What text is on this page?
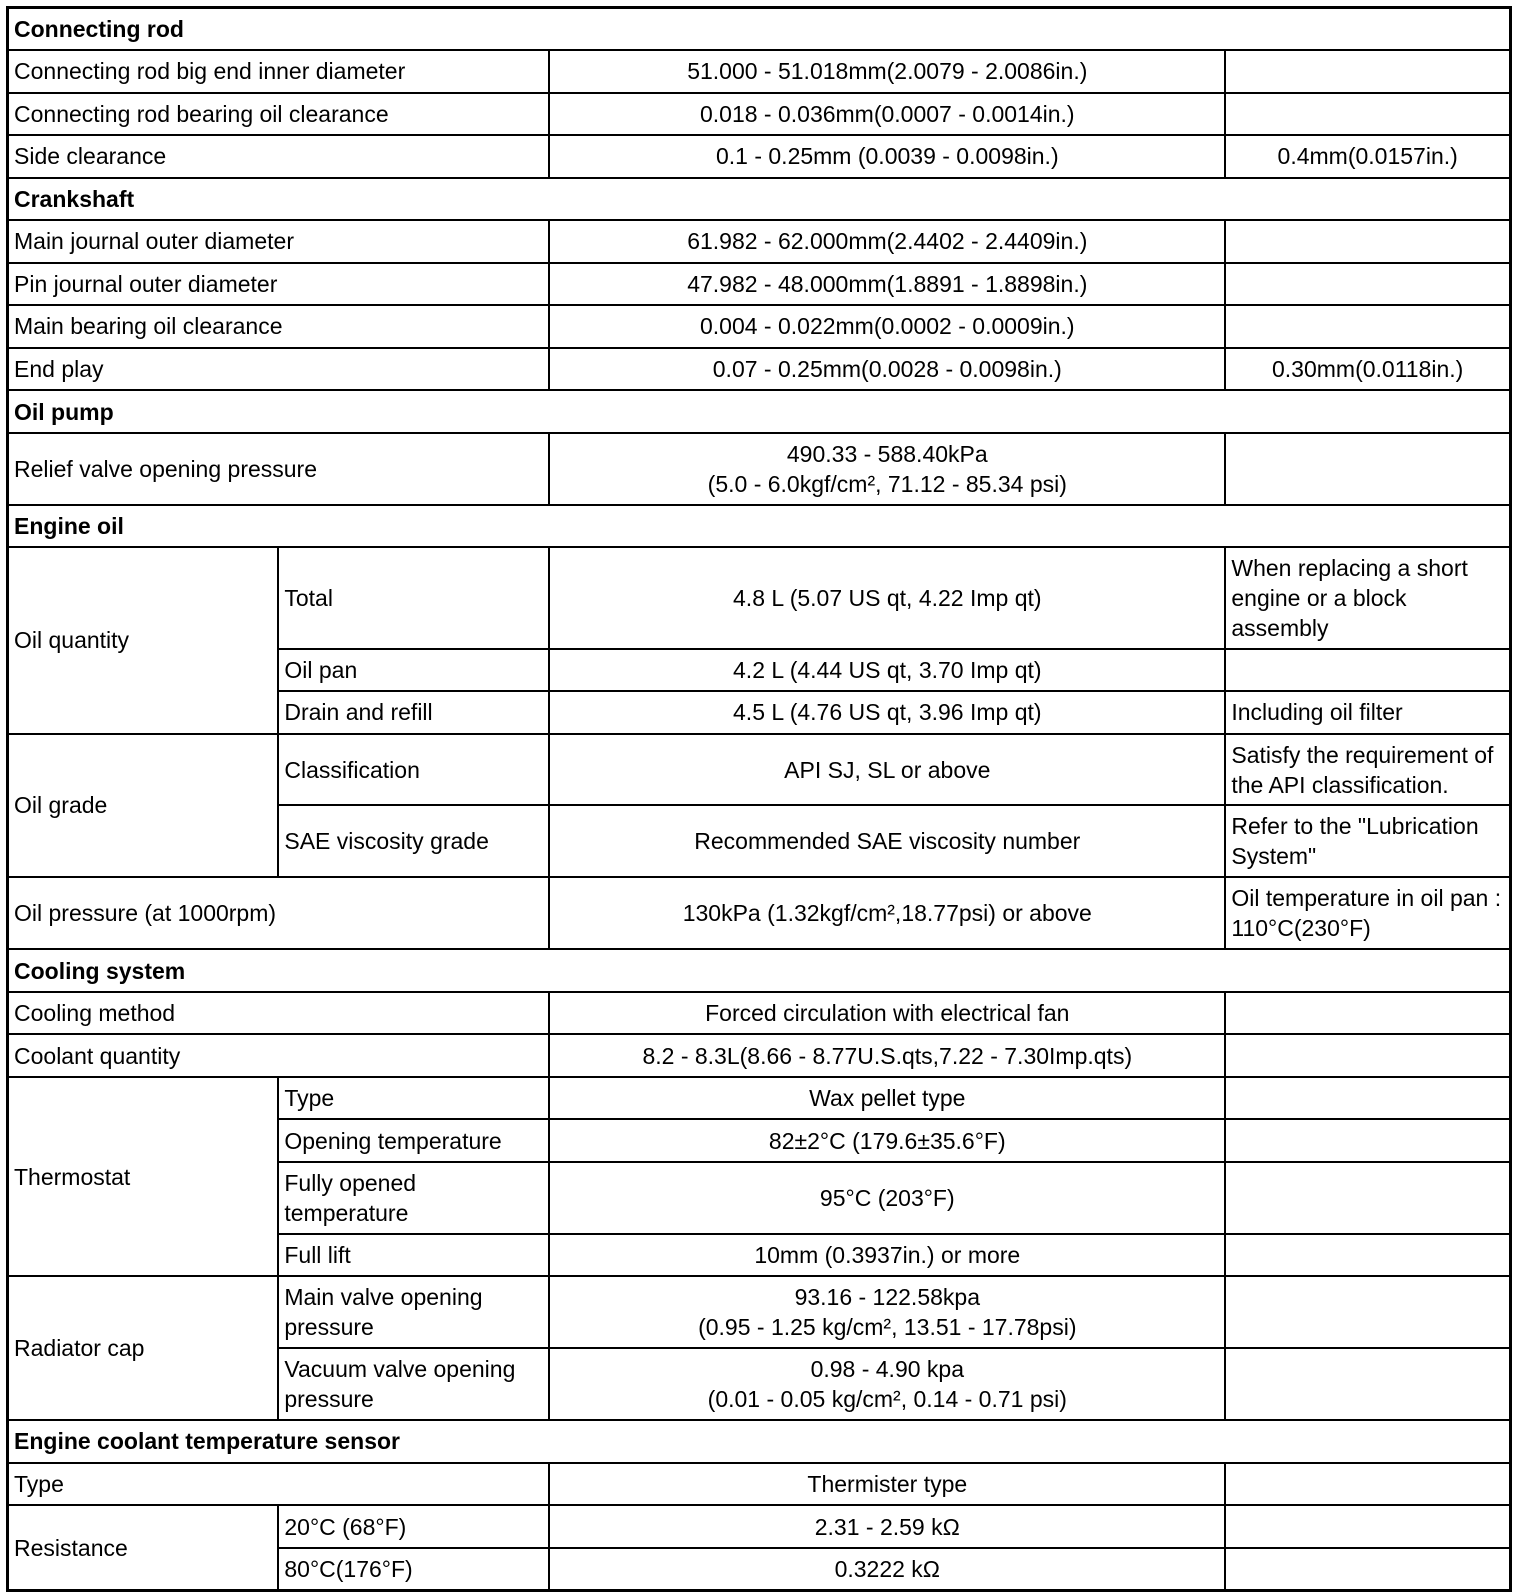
Connecting rod			
Connecting rod big end inner diameter		51.000 - 51.018mm(2.0079 - 2.0086in.)	
Connecting rod bearing oil clearance		0.018 - 0.036mm(0.0007 - 0.0014in.)	
Side clearance		0.1 - 0.25mm (0.0039 - 0.0098in.)	0.4mm(0.0157in.)
Crankshaft			
Main journal outer diameter		61.982 - 62.000mm(2.4402 - 2.4409in.)	
Pin journal outer diameter		47.982 - 48.000mm(1.8891 - 1.8898in.)	
Main bearing oil clearance		0.004 - 0.022mm(0.0002 - 0.0009in.)	
End play		0.07 - 0.25mm(0.0028 - 0.0098in.)	0.30mm(0.0118in.)
Oil pump			
Relief valve opening pressure		490.33 - 588.40kPa
(5.0 - 6.0kgf/cm², 71.12 - 85.34 psi)	

Engine oil			
Oil quantity	Total	4.8 L (5.07 US qt, 4.22 Imp qt)	When replacing a short engine or a block assembly
	Oil pan	4.2 L (4.44 US qt, 3.70 Imp qt)	
	Drain and refill	4.5 L (4.76 US qt, 3.96 Imp qt)	Including oil filter
Oil grade	Classification	API SJ, SL or above	Satisfy the requirement of the API classification.
	SAE viscosity grade	Recommended SAE viscosity number	Refer to the "Lubrication System"
Oil pressure (at 1000rpm)		130kPa (1.32kgf/cm²,18.77psi) or above	Oil temperature in oil pan : 110°C(230°F)
Cooling system			
Cooling method		Forced circulation with electrical fan	
Coolant quantity		8.2 - 8.3L(8.66 - 8.77U.S.qts,7.22 - 7.30Imp.qts)	
Thermostat	Type	Wax pellet type	
	Opening temperature	82±2°C (179.6±35.6°F)	
	Fully opened temperature	95°C (203°F)	
	Full lift	10mm (0.3937in.) or more	
Radiator cap	Main valve opening pressure	93.16 - 122.58kpa
(0.95 - 1.25 kg/cm², 13.51 - 17.78psi)	

	Vacuum valve opening pressure	0.98 - 4.90 kpa
(0.01 - 0.05 kg/cm², 0.14 - 0.71 psi)	

Engine coolant temperature sensor			
Type		Thermister type	
Resistance	20°C (68°F)	2.31 - 2.59 kΩ	
	80°C(176°F)	0.3222 kΩ	
